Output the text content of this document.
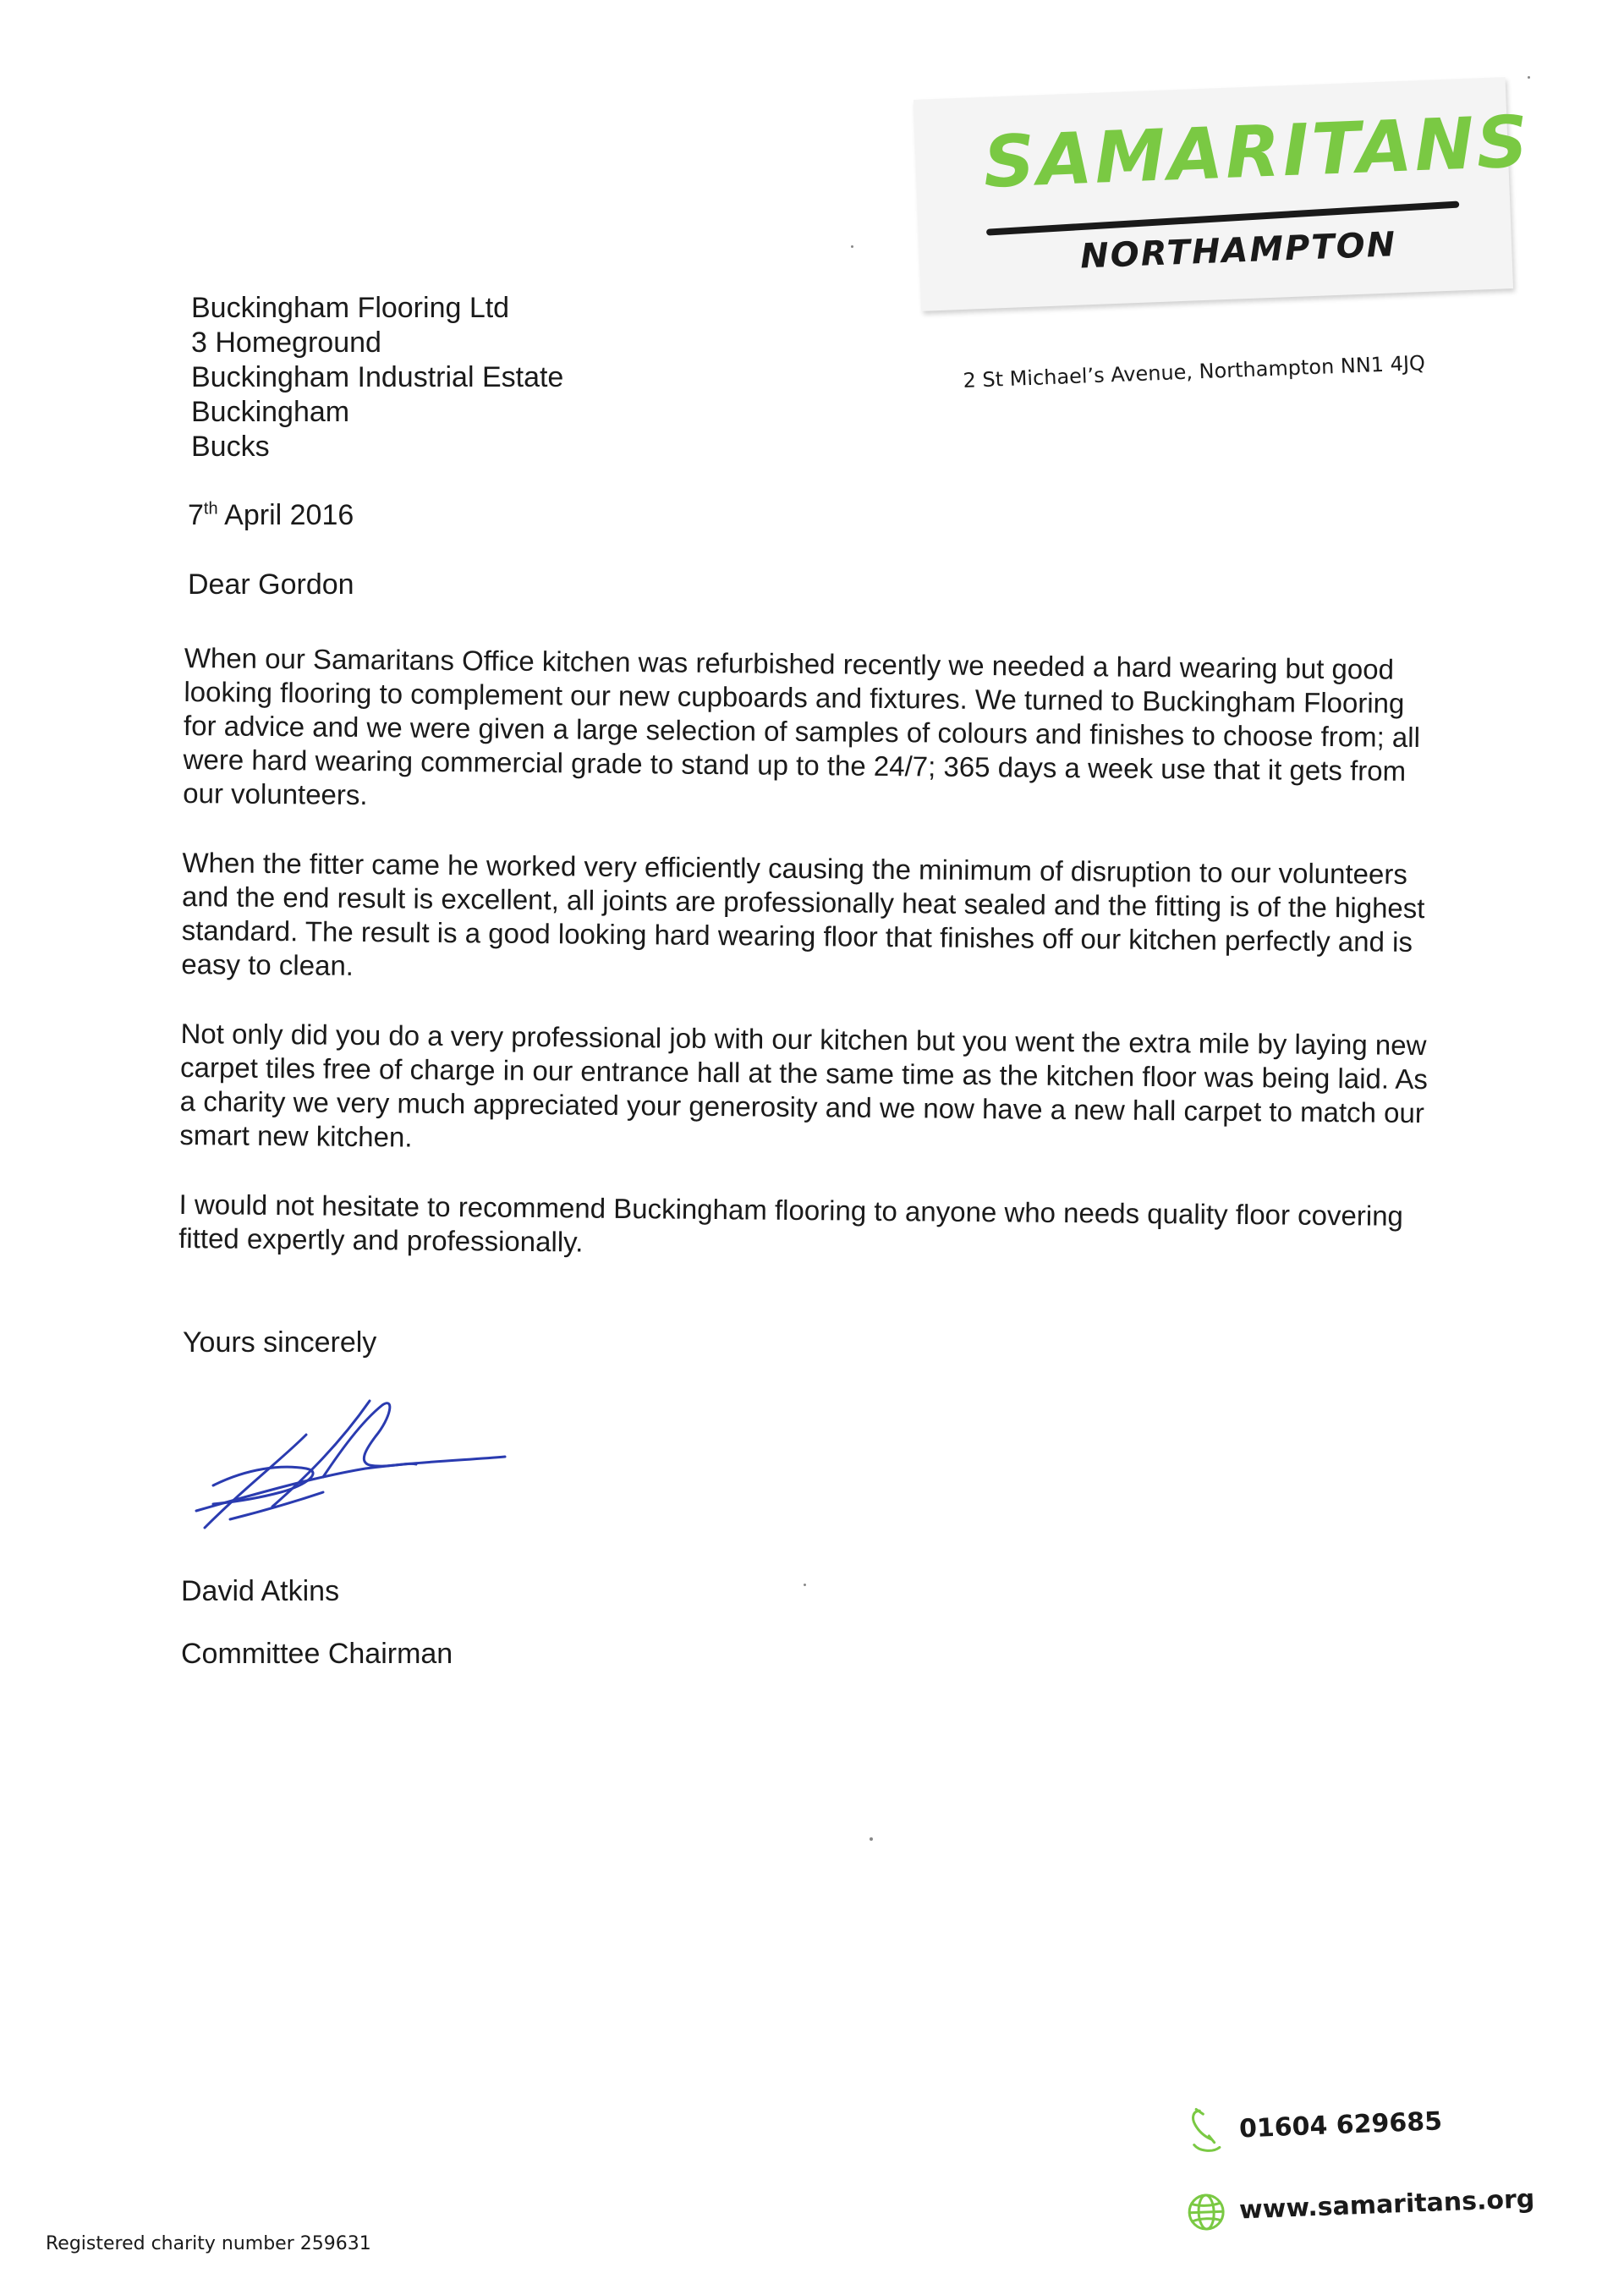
SAMARITANS
NORTHAMPTON
2 St Michael’s Avenue, Northampton NN1 4JQ
Buckingham Flooring Ltd
3 Homeground
Buckingham Industrial Estate
Buckingham
Bucks
7th April 2016
Dear Gordon

When our Samaritans Office kitchen was refurbished recently we needed a hard wearing but good looking flooring to complement our new cupboards and fixtures. We turned to Buckingham Flooring for advice and we were given a large selection of samples of colours and finishes to choose from; all were hard wearing commercial grade to stand up to the 24/7; 365 days a week use that it gets from our volunteers.

When the fitter came he worked very efficiently causing the minimum of disruption to our volunteers and the end result is excellent, all joints are professionally heat sealed and the fitting is of the highest standard. The result is a good looking hard wearing floor that finishes off our kitchen perfectly and is easy to clean.

Not only did you do a very professional job with our kitchen but you went the extra mile by laying new carpet tiles free of charge in our entrance hall at the same time as the kitchen floor was being laid. As a charity we very much appreciated your generosity and we now have a new hall carpet to match our smart new kitchen.

I would not hesitate to recommend Buckingham flooring to anyone who needs quality floor covering fitted expertly and professionally.

Yours sincerely
David Atkins
Committee Chairman
01604 629685
www.samaritans.org
Registered charity number 259631
